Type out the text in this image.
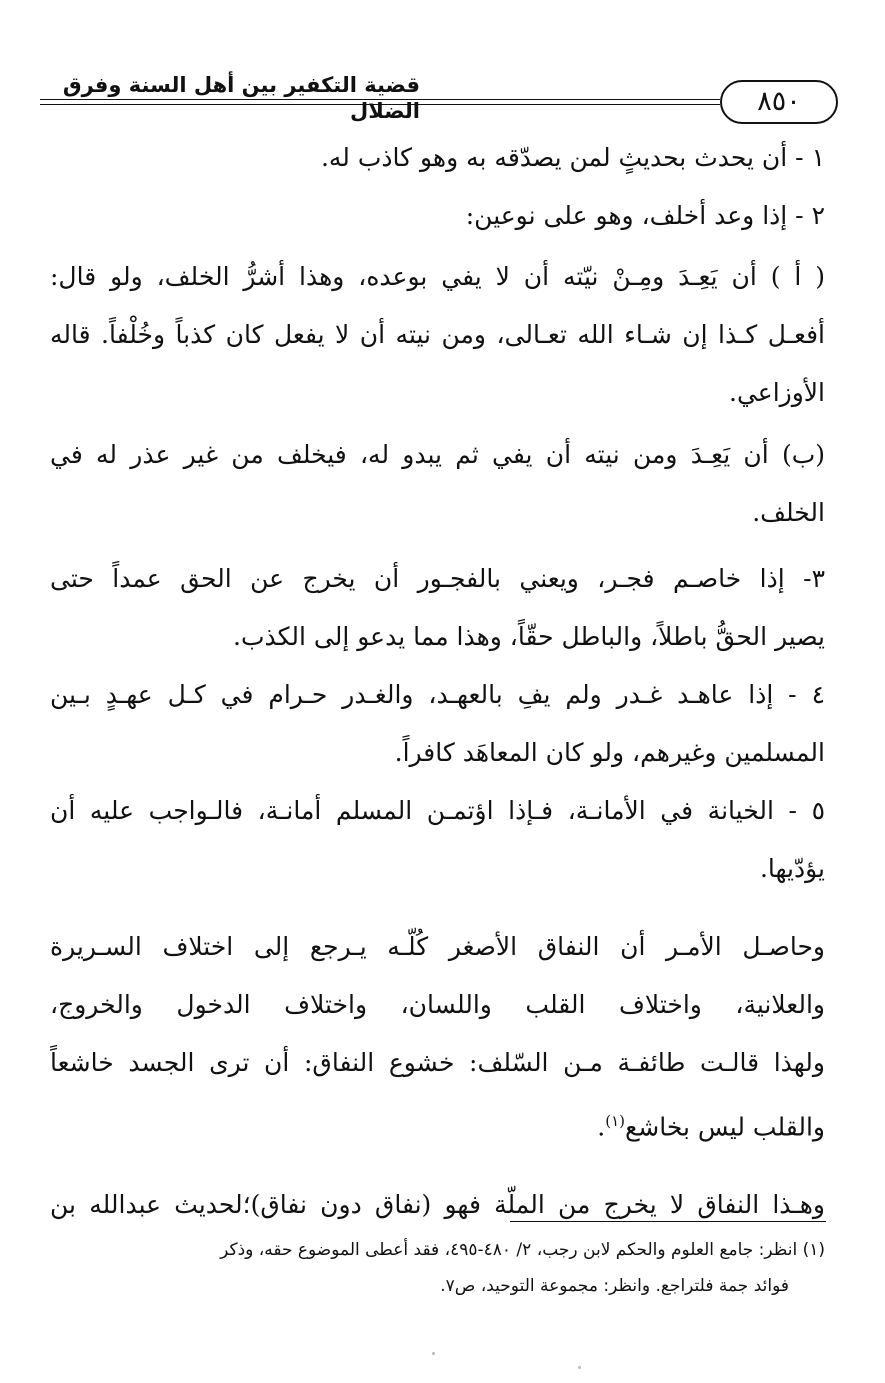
قضية التكفير بين أهل السنة وفرق الضلال	٨٥٠

١ - أن يحدث بحديثٍ لمن يصدّقه به وهو كاذب له.

٢ - إذا وعد أخلف، وهو على نوعين:

( أ ) أن يَعِـدَ ومِـنْ نيّته أن لا يفي بوعده، وهذا أشرُّ الخلف، ولو قال:

أفعـل كـذا إن شـاء الله تعـالى، ومن نيته أن لا يفعل كان كذباً وخُلْفاً. قاله

الأوزاعي.

(ب) أن يَعِـدَ ومن نيته أن يفي ثم يبدو له، فيخلف من غير عذر له في

الخلف.

٣- إذا خاصـم فجـر، ويعني بالفجـور أن يخرج عن الحق عمداً حتى

يصير الحقُّ باطلاً، والباطل حقّاً، وهذا مما يدعو إلى الكذب.

٤ - إذا عاهـد غـدر ولم يفِ بالعهـد، والغـدر حـرام في كـل عهـدٍ بـين

المسلمين وغيرهم، ولو كان المعاهَد كافراً.

٥ - الخيانة في الأمانـة، فـإذا اؤتمـن المسلم أمانـة، فالـواجب عليه أن

يؤدّيها.

وحاصـل الأمـر أن النفاق الأصغر كُلّـه يـرجع إلى اختلاف السـريرة

والعلانية، واختلاف القلب واللسان، واختلاف الدخول والخروج،

ولهذا قالـت طائفـة مـن السّلف: خشوع النفاق: أن ترى الجسد خاشعاً

والقلب ليس بخاشع$^{(١)}$.

وهـذا النفاق لا يخرج من الملّة فهو (نفاق دون نفاق)؛لحديث عبدالله بن

(١) انظر: جامع العلوم والحكم لابن رجب، ٢/ ٤٨٠-٤٩٥، فقد أعطى الموضوع حقه، وذكر

فوائد جمة فلتراجع. وانظر: مجموعة التوحيد، ص٧.
